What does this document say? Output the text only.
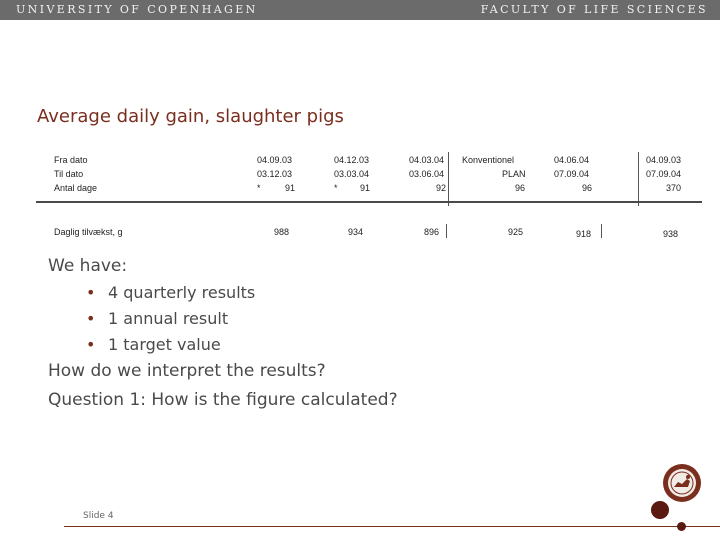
UNIVERSITY OF COPENHAGEN	FACULTY OF LIFE SCIENCES
Average daily gain, slaughter pigs
Fra dato
Til dato
Antal dage
Daglig tilvækst, g
04.09.03
03.12.03
*	91
988
04.12.03
03.03.04
* 91
934
04.03.04
03.06.04
92
896
Konventionel
PLAN
96
925
04.06.04
07.09.04
96
918
04.09.03
07.09.04
370
938
We have:
• 4 quarterly results
• 1 annual result
• 1 target value
How do we interpret the results?
Question 1: How is the figure calculated?
Slide 4
